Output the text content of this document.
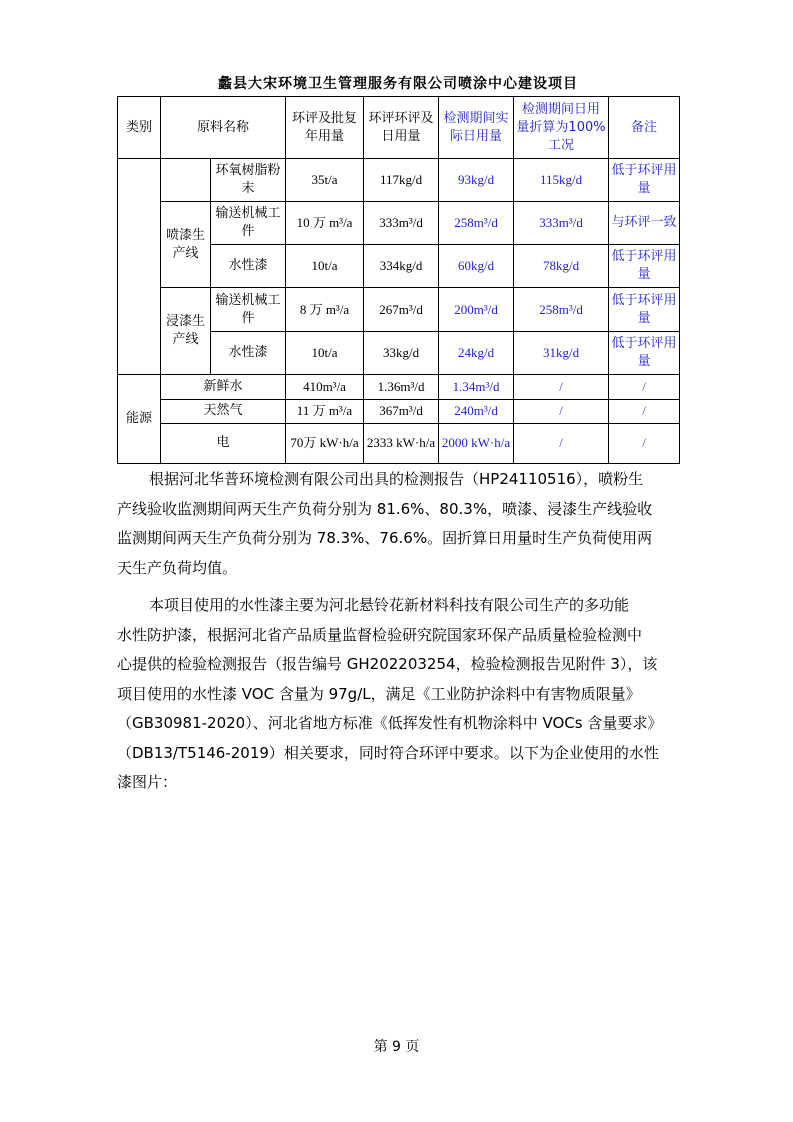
蠡县大宋环境卫生管理服务有限公司喷涂中心建设项目
类别	原料名称		环评及批复年用量	环评环评及日用量	检测期间实际日用量	检测期间日用量折算为100%工况	备注
		环氧树脂粉末	35t/a	117kg/d	93kg/d	115kg/d	低于环评用量
	喷漆生产线	输送机械工件	10 万 m³/a	333m³/d	258m³/d	333m³/d	与环评一致
		水性漆	10t/a	334kg/d	60kg/d	78kg/d	低于环评用量
	浸漆生产线	输送机械工件	8 万 m³/a	267m³/d	200m³/d	258m³/d	低于环评用量
		水性漆	10t/a	33kg/d	24kg/d	31kg/d	低于环评用量
能源	新鲜水		410m³/a	1.36m³/d	1.34m³/d	/	/
	天然气		11 万 m³/a	367m³/d	240m³/d	/	/
	电		70万 kW·h/a	2333 kW·h/a	2000 kW·h/a	/	/
根据河北华普环境检测有限公司出具的检测报告（HP24110516），喷粉生
产线验收监测期间两天生产负荷分别为 81.6%、80.3%，喷漆、浸漆生产线验收
监测期间两天生产负荷分别为 78.3%、76.6%。固折算日用量时生产负荷使用两
天生产负荷均值。
本项目使用的水性漆主要为河北悬铃花新材料科技有限公司生产的多功能
水性防护漆，根据河北省产品质量监督检验研究院国家环保产品质量检验检测中
心提供的检验检测报告（报告编号 GH202203254，检验检测报告见附件 3），该
项目使用的水性漆 VOC 含量为 97g/L，满足《工业防护涂料中有害物质限量》
（GB30981-2020）、河北省地方标准《低挥发性有机物涂料中 VOCs 含量要求》
（DB13/T5146-2019）相关要求，同时符合环评中要求。以下为企业使用的水性
漆图片：
第 9 页
